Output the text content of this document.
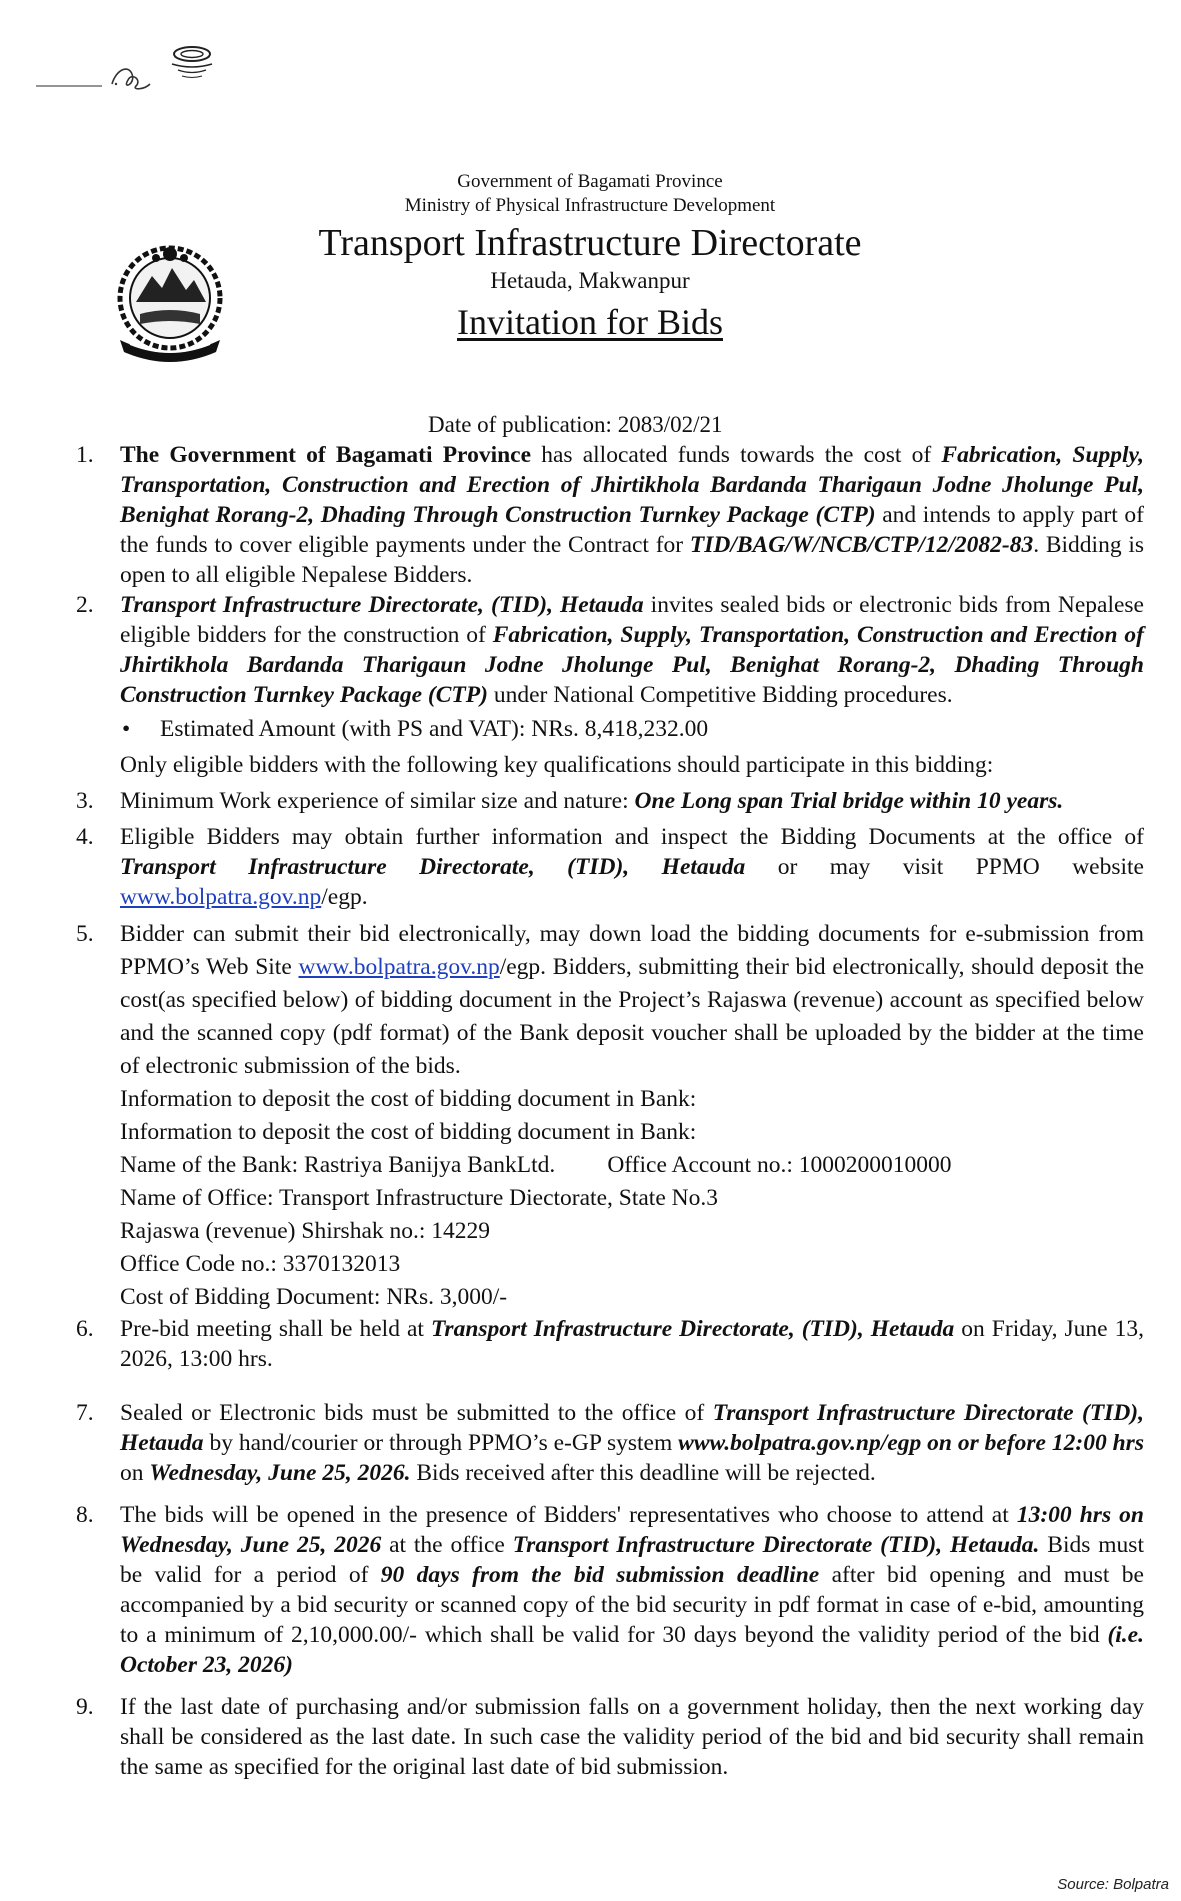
Government of Bagamati Province
Ministry of Physical Infrastructure Development
Transport Infrastructure Directorate
Hetauda, Makwanpur
Invitation for Bids
Date of publication: 2083/02/21

1. The Government of Bagamati Province has allocated funds towards the cost of Fabrication, Supply, Transportation, Construction and Erection of Jhirtikhola Bardanda Tharigaun Jodne Jholunge Pul, Benighat Rorang-2, Dhading Through Construction Turnkey Package (CTP) and intends to apply part of the funds to cover eligible payments under the Contract for TID/BAG/W/NCB/CTP/12/2082-83. Bidding is open to all eligible Nepalese Bidders.

2. Transport Infrastructure Directorate, (TID), Hetauda invites sealed bids or electronic bids from Nepalese eligible bidders for the construction of Fabrication, Supply, Transportation, Construction and Erection of Jhirtikhola Bardanda Tharigaun Jodne Jholunge Pul, Benighat Rorang-2, Dhading Through Construction Turnkey Package (CTP) under National Competitive Bidding procedures.

• Estimated Amount (with PS and VAT): NRs. 8,418,232.00

Only eligible bidders with the following key qualifications should participate in this bidding:

3. Minimum Work experience of similar size and nature: One Long span Trial bridge within 10 years.

4. Eligible Bidders may obtain further information and inspect the Bidding Documents at the office of Transport Infrastructure Directorate, (TID), Hetauda or may visit PPMO website www.bolpatra.gov.np/egp.

5. Bidder can submit their bid electronically, may down load the bidding documents for e-submission from PPMO’s Web Site www.bolpatra.gov.np/egp. Bidders, submitting their bid electronically, should deposit the cost(as specified below) of bidding document in the Project’s Rajaswa (revenue) account as specified below and the scanned copy (pdf format) of the Bank deposit voucher shall be uploaded by the bidder at the time of electronic submission of the bids.

Information to deposit the cost of bidding document in Bank:
Information to deposit the cost of bidding document in Bank:
Name of the Bank: Rastriya Banijya BankLtd. Office Account no.: 1000200010000
Name of Office: Transport Infrastructure Diectorate, State No.3
Rajaswa (revenue) Shirshak no.: 14229
Office Code no.: 3370132013
Cost of Bidding Document: NRs. 3,000/-

6. Pre-bid meeting shall be held at Transport Infrastructure Directorate, (TID), Hetauda on Friday, June 13, 2026, 13:00 hrs.

7. Sealed or Electronic bids must be submitted to the office of Transport Infrastructure Directorate (TID), Hetauda by hand/courier or through PPMO’s e-GP system www.bolpatra.gov.np/egp on or before 12:00 hrs on Wednesday, June 25, 2026. Bids received after this deadline will be rejected.

8. The bids will be opened in the presence of Bidders' representatives who choose to attend at 13:00 hrs on Wednesday, June 25, 2026 at the office Transport Infrastructure Directorate (TID), Hetauda. Bids must be valid for a period of 90 days from the bid submission deadline after bid opening and must be accompanied by a bid security or scanned copy of the bid security in pdf format in case of e-bid, amounting to a minimum of 2,10,000.00/- which shall be valid for 30 days beyond the validity period of the bid (i.e. October 23, 2026)

9. If the last date of purchasing and/or submission falls on a government holiday, then the next working day shall be considered as the last date. In such case the validity period of the bid and bid security shall remain the same as specified for the original last date of bid submission.

Source: Bolpatra
